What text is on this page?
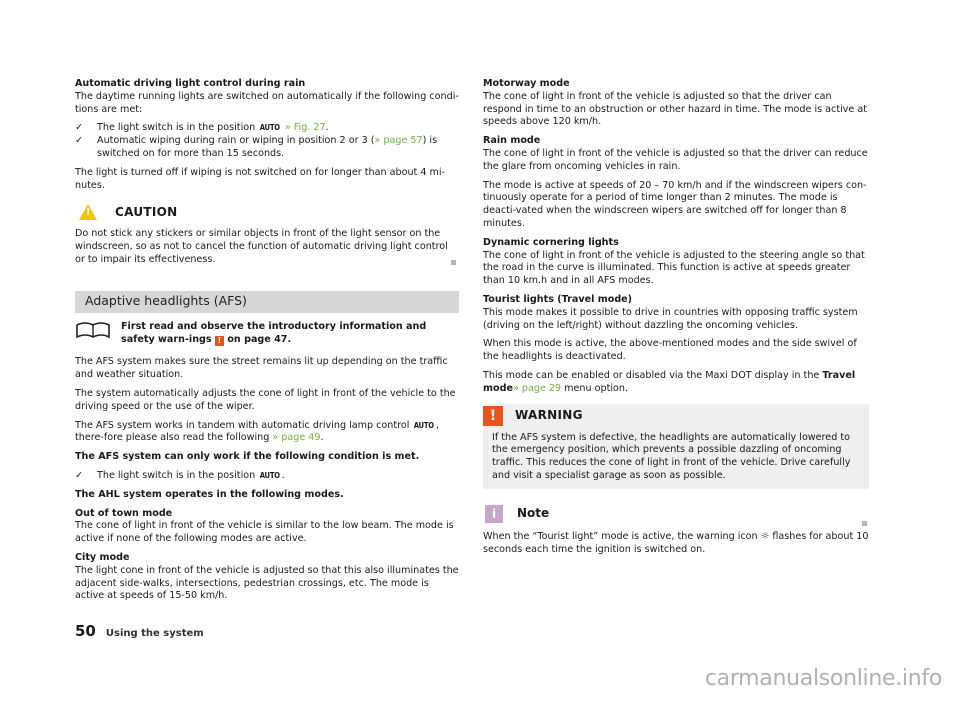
Automatic driving light control during rain

The daytime running lights are switched on automatically if the following condi-tions are met:

✓ The light switch is in the position AUTO » Fig. 27.
✓ Automatic wiping during rain or wiping in position 2 or 3 (» page 57) is switched on for more than 15 seconds.

The light is turned off if wiping is not switched on for longer than about 4 mi-nutes.

! CAUTION

Do not stick any stickers or similar objects in front of the light sensor on the windscreen, so as not to cancel the function of automatic driving light control or to impair its effectiveness.

Adaptive headlights (AFS)
First read and observe the introductory information and safety warn-ings ! on page 47.

The AFS system makes sure the street remains lit up depending on the traffic and weather situation.

The system automatically adjusts the cone of light in front of the vehicle to the driving speed or the use of the wiper.

The AFS system works in tandem with automatic driving lamp control AUTO , there-fore please also read the following » page 49.

The AFS system can only work if the following condition is met.

✓ The light switch is in the position AUTO .

The AHL system operates in the following modes.

Out of town mode

The cone of light in front of the vehicle is similar to the low beam. The mode is active if none of the following modes are active.

City mode

The light cone in front of the vehicle is adjusted so that this also illuminates the adjacent side-walks, intersections, pedestrian crossings, etc. The mode is active at speeds of 15-50 km/h.

Motorway mode

The cone of light in front of the vehicle is adjusted so that the driver can respond in time to an obstruction or other hazard in time. The mode is active at speeds above 120 km/h.

Rain mode

The cone of light in front of the vehicle is adjusted so that the driver can reduce the glare from oncoming vehicles in rain.

The mode is active at speeds of 20 – 70 km/h and if the windscreen wipers con-tinuously operate for a period of time longer than 2 minutes. The mode is deacti-vated when the windscreen wipers are switched off for longer than 8 minutes.

Dynamic cornering lights

The cone of light in front of the vehicle is adjusted to the steering angle so that the road in the curve is illuminated. This function is active at speeds greater than 10 km.h and in all AFS modes.

Tourist lights (Travel mode)

This mode makes it possible to drive in countries with opposing traffic system (driving on the left/right) without dazzling the oncoming vehicles.

When this mode is active, the above-mentioned modes and the side swivel of the headlights is deactivated.

This mode can be enabled or disabled via the Maxi DOT display in the Travel mode» page 29 menu option.

!	WARNING
If the AFS system is defective, the headlights are automatically lowered to the emergency position, which prevents a possible dazzling of oncoming traffic. This reduces the cone of light in front of the vehicle. Drive carefully and visit a specialist garage as soon as possible.
i	Note

When the “Tourist light” mode is active, the warning icon ☼ flashes for about 10 seconds each time the ignition is switched on.

50 Using the system
carmanualsonline.info
